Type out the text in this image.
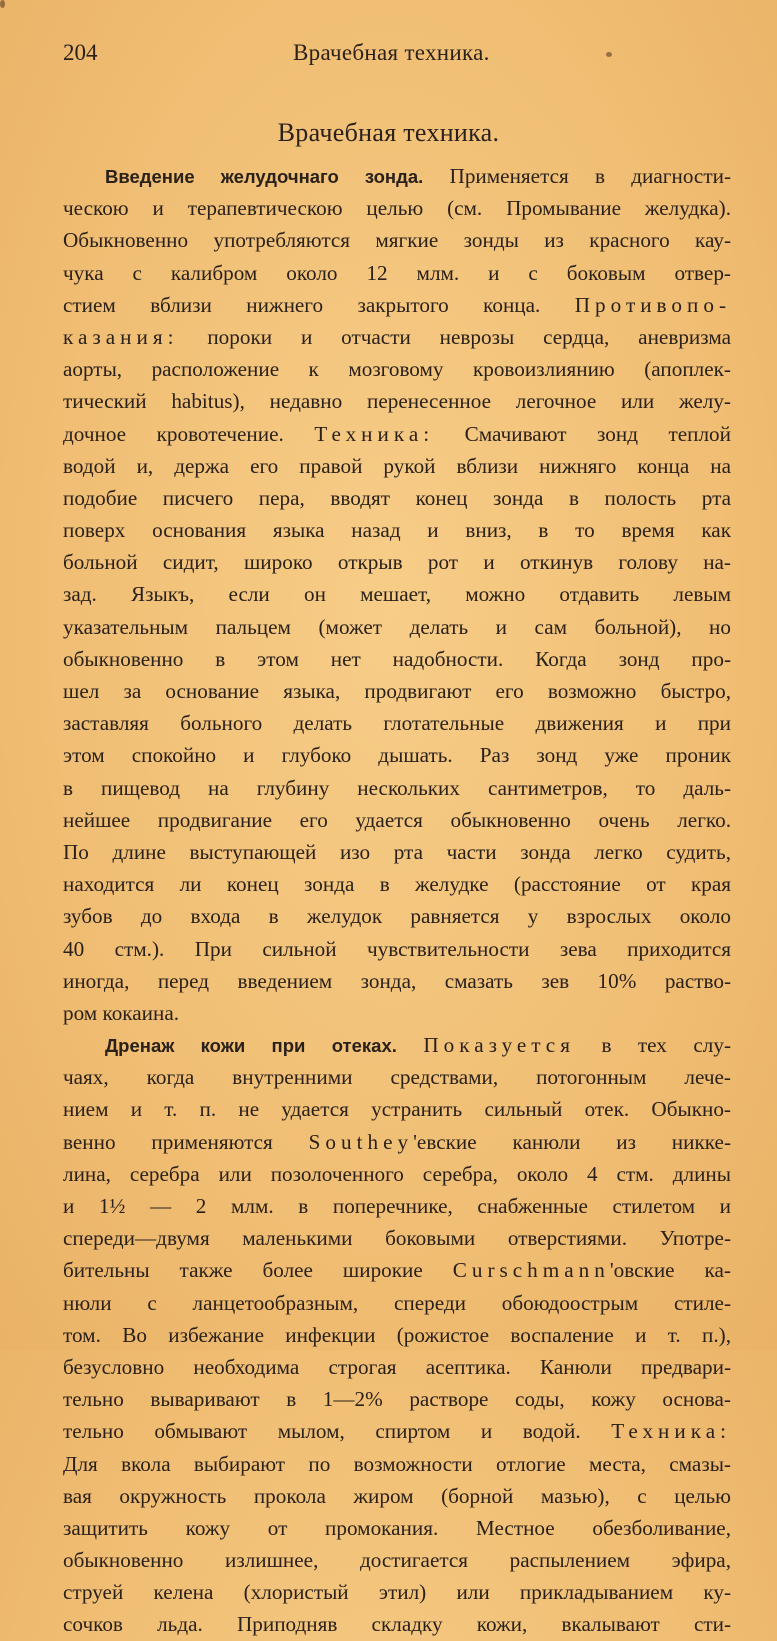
204	Врачебная техника.
Врачебная техника.
Введение желудочнаго зонда. Применяется в диагности-
ческою и терапевтическою целью (см. Промывание желудка).
Обыкновенно употребляются мягкие зонды из красного кау-
чука с калибром около 12 млм. и с боковым отвер-
стием вблизи нижнего закрытого конца. Противопо-
казания: пороки и отчасти неврозы сердца, аневризма
аорты, расположение к мозговому кровоизлиянию (апоплек-
тический habitus), недавно перенесенное легочное или желу-
дочное кровотечение. Техника: Смачивают зонд теплой
водой и, держа его правой рукой вблизи нижняго конца на
подобие писчего пера, вводят конец зонда в полость рта
поверх основания языка назад и вниз, в то время как
больной сидит, широко открыв рот и откинув голову на-
зад. Языкъ, если он мешает, можно отдавить левым
указательным пальцем (может делать и сам больной), но
обыкновенно в этом нет надобности. Когда зонд про-
шел за основание языка, продвигают его возможно быстро,
заставляя больного делать глотательные движения и при
этом спокойно и глубоко дышать. Раз зонд уже проник
в пищевод на глубину нескольких сантиметров, то даль-
нейшее продвигание его удается обыкновенно очень легко.
По длине выступающей изо рта части зонда легко судить,
находится ли конец зонда в желудке (расстояние от края
зубов до входа в желудок равняется у взрослых около
40 стм.). При сильной чувствительности зева приходится
иногда, перед введением зонда, смазать зев 10% раство-
ром кокаина.
Дренаж кожи при отеках. Показуется в тех слу-
чаях, когда внутренними средствами, потогонным лече-
нием и т. п. не удается устранить сильный отек. Обыкно-
венно применяются Southey'евские канюли из никке-
лина, серебра или позолоченного серебра, около 4 стм. длины
и 1½ — 2 млм. в поперечнике, снабженные стилетом и
спереди—двумя маленькими боковыми отверстиями. Употре-
бительны также более широкие Curschmann'овские ка-
нюли с ланцетообразным, спереди обоюдоострым стиле-
том. Во избежание инфекции (рожистое воспаление и т. п.),
безусловно необходима строгая асептика. Канюли предвари-
тельно вываривают в 1—2% растворе соды, кожу основа-
тельно обмывают мылом, спиртом и водой. Техника:
Для вкола выбирают по возможности отлогие места, смазы-
вая окружность прокола жиром (борной мазью), с целью
защитить кожу от промокания. Местное обезболивание,
обыкновенно излишнее, достигается распылением эфира,
струей келена (хлористый этил) или прикладыванием ку-
сочков льда. Приподняв складку кожи, вкалывают сти-
